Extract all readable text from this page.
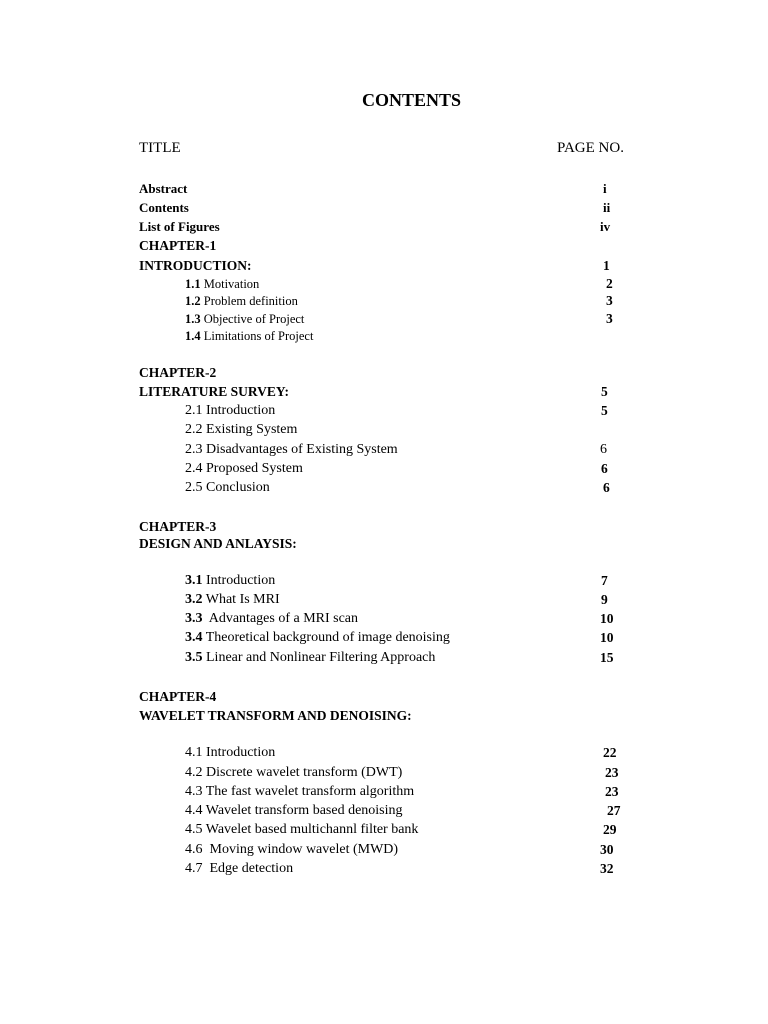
CONTENTS
TITLE	PAGE NO.
Abstract	i
Contents	ii
List of Figures	iv
CHAPTER-1
INTRODUCTION:	1
1.1 Motivation	2
1.2 Problem definition	3
1.3 Objective of Project	3
1.4 Limitations of Project
CHAPTER-2
LITERATURE SURVEY:	5
2.1 Introduction	5
2.2 Existing System
2.3 Disadvantages of Existing System	6
2.4 Proposed System	6
2.5 Conclusion	6
CHAPTER-3
DESIGN AND ANLAYSIS:
3.1 Introduction	7
3.2 What Is MRI	9
3.3 Advantages of a MRI scan	10
3.4 Theoretical background of image denoising	10
3.5 Linear and Nonlinear Filtering Approach	15
CHAPTER-4
WAVELET TRANSFORM AND DENOISING:
4.1 Introduction	22
4.2 Discrete wavelet transform (DWT)	23
4.3 The fast wavelet transform algorithm	23
4.4 Wavelet transform based denoising	27
4.5 Wavelet based multichannl filter bank	29
4.6 Moving window wavelet (MWD)	30
4.7 Edge detection	32
